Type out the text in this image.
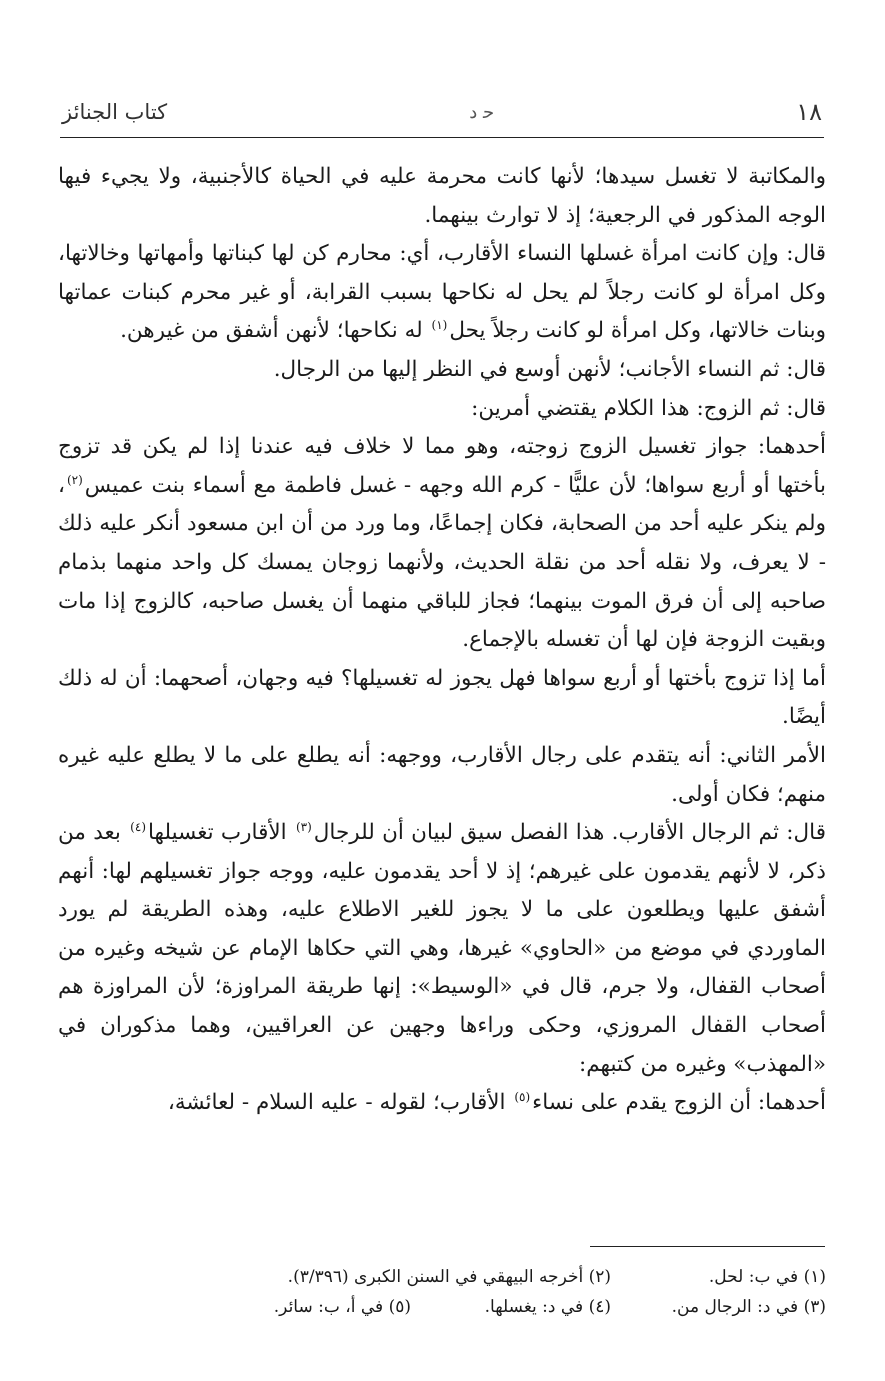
١٨
ﺣ ﺩ
كتاب الجنائز

والمكاتبة لا تغسل سيدها؛ لأنها كانت محرمة عليه في الحياة كالأجنبية، ولا يجيء فيها الوجه المذكور في الرجعية؛ إذ لا توارث بينهما.

قال: وإن كانت امرأة غسلها النساء الأقارب، أي: محارم كن لها كبناتها وأمهاتها وخالاتها، وكل امرأة لو كانت رجلاً لم يحل له نكاحها بسبب القرابة، أو غير محرم كبنات عماتها وبنات خالاتها، وكل امرأة لو كانت رجلاً يحل$^{(١)}$ له نكاحها؛ لأنهن أشفق من غيرهن.

قال: ثم النساء الأجانب؛ لأنهن أوسع في النظر إليها من الرجال.

قال: ثم الزوج: هذا الكلام يقتضي أمرين:

أحدهما: جواز تغسيل الزوج زوجته، وهو مما لا خلاف فيه عندنا إذا لم يكن قد تزوج بأختها أو أربع سواها؛ لأن عليًّا - كرم الله وجهه - غسل فاطمة مع أسماء بنت عميس$^{(٢)}$، ولم ينكر عليه أحد من الصحابة، فكان إجماعًا، وما ورد من أن ابن مسعود أنكر عليه ذلك - لا يعرف، ولا نقله أحد من نقلة الحديث، ولأنهما زوجان يمسك كل واحد منهما بذمام صاحبه إلى أن فرق الموت بينهما؛ فجاز للباقي منهما أن يغسل صاحبه، كالزوج إذا مات وبقيت الزوجة فإن لها أن تغسله بالإجماع.

أما إذا تزوج بأختها أو أربع سواها فهل يجوز له تغسيلها؟ فيه وجهان، أصحهما: أن له ذلك أيضًا.

الأمر الثاني: أنه يتقدم على رجال الأقارب، ووجهه: أنه يطلع على ما لا يطلع عليه غيره منهم؛ فكان أولى.

قال: ثم الرجال الأقارب. هذا الفصل سيق لبيان أن للرجال$^{(٣)}$ الأقارب تغسيلها$^{(٤)}$ بعد من ذكر، لا لأنهم يقدمون على غيرهم؛ إذ لا أحد يقدمون عليه، ووجه جواز تغسيلهم لها: أنهم أشفق عليها ويطلعون على ما لا يجوز للغير الاطلاع عليه، وهذه الطريقة لم يورد الماوردي في موضع من «الحاوي» غيرها، وهي التي حكاها الإمام عن شيخه وغيره من أصحاب القفال، ولا جرم، قال في «الوسيط»: إنها طريقة المراوزة؛ لأن المراوزة هم أصحاب القفال المروزي، وحكى وراءها وجهين عن العراقيين، وهما مذكوران في «المهذب» وغيره من كتبهم:

أحدهما: أن الزوج يقدم على نساء$^{(٥)}$ الأقارب؛ لقوله - عليه السلام - لعائشة،

(١) في ب: لحل.
(٢) أخرجه البيهقي في السنن الكبرى (٣/٣٩٦).
(٣) في د: الرجال من.
(٤) في د: يغسلها.
(٥) في أ، ب: سائر.
